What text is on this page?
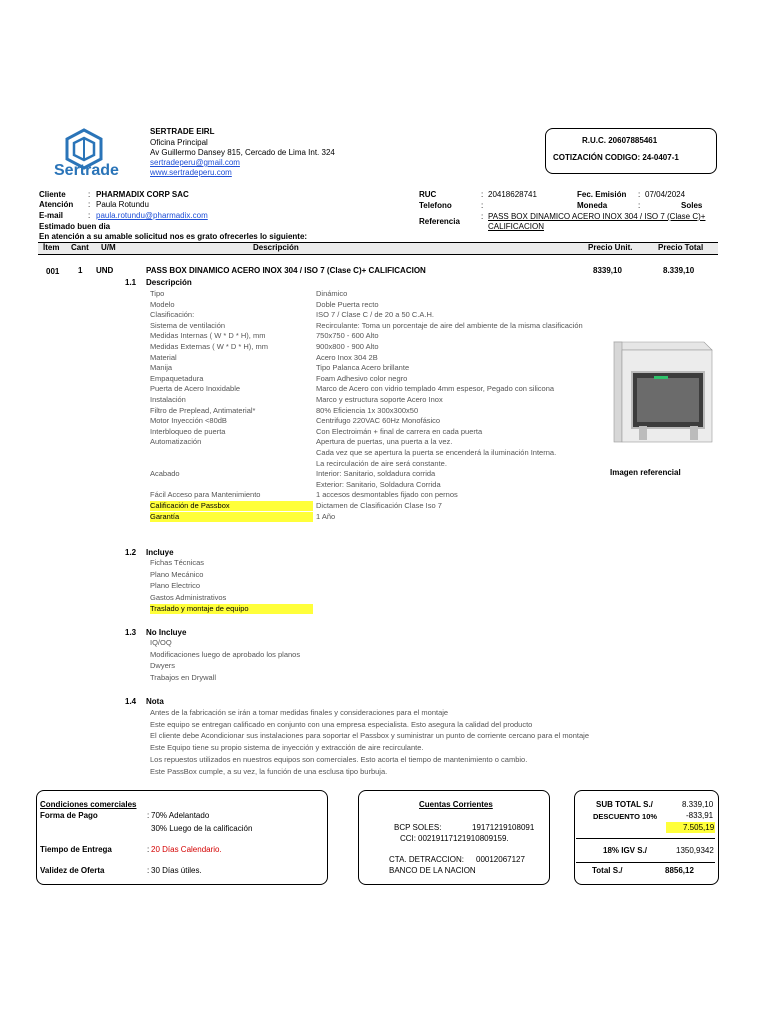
Sertrade
SERTRADE EIRL
Oficina Principal
Av Guillermo Dansey 815, Cercado de Lima Int. 324
sertradeperu@gmail.com
www.sertradeperu.com
R.U.C. 20607885461
COTIZACIÓN CODIGO: 24-0407-1
Cliente	: PHARMADIX CORP SAC
Atención : Paula Rotundu
E-mail	: paula.rotundu@pharmadix.com
Estimado buen dia
En atención a su amable solicitud nos es grato ofrecerles lo siguiente:
RUC	: 20418628741
Telefono	:
Referencia
: PASS BOX DINAMICO ACERO INOX 304 / ISO 7 (Clase C)+
CALIFICACION
Fec. Emisión : 07/04/2024
Moneda	:	Soles
Ítem Cant U/M	Descripción	Precio Unit.	Precio Total
001 1 UND	PASS BOX DINAMICO ACERO INOX 304 / ISO 7 (Clase C)+ CALIFICACION	8339,10	8.339,10
1.1 Descripción
Tipo	Dinámico
Modelo	Doble Puerta recto
Clasificación:	ISO 7 / Clase C / de 20 a 50 C.A.H.
Sistema de ventilación	Recirculante: Toma un porcentaje de aire del ambiente de la misma clasificación
Medidas Internas ( W * D * H), mm	750x750 - 600 Alto
Medidas Externas ( W * D * H), mm	900x800 - 900 Alto
Material	Acero Inox 304 2B
Manija	Tipo Palanca Acero brillante
Empaquetadura	Foam Adhesivo color negro
Puerta de Acero Inoxidable	Marco de Acero con vidrio templado 4mm espesor, Pegado con silicona
Instalación	Marco y estructura soporte Acero Inox
Filtro de Preplead, Antimaterial*	80% Eficiencia 1x 300x300x50
Motor Inyección <80dB	Centrifugo 220VAC 60Hz Monofásico
Interbloqueo de puerta	Con Electroimán + final de carrera en cada puerta
Automatización	Apertura de puertas, una puerta a la vez.
Cada vez que se apertura la puerta se encenderá la iluminación Interna.
La recirculación de aire será constante.
Acabado	Interior: Sanitario, soldadura corrida
Exterior: Sanitario, Soldadura Corrida
Fácil Acceso para Mantenimiento	1 accesos desmontables fijado con pernos
Calificación de Passbox	Dictamen de Clasificación Clase Iso 7
Garantía	1 Año
Imagen referencial
1.2 Incluye
Fichas Técnicas
Plano Mecánico
Plano Electrico
Gastos Administrativos
Traslado y montaje de equipo
1.3 No Incluye
IQ/OQ
Modificaciones luego de aprobado los planos
Dwyers
Trabajos en Drywall
1.4 Nota
Antes de la fabricación se irán a tomar medidas finales y consideraciones para el montaje
Este equipo se entregan calificado en conjunto con una empresa especialista. Esto asegura la calidad del producto
El cliente debe Acondicionar sus instalaciones para soportar el Passbox y suministrar un punto de corriente cercano para el montaje
Este Equipo tiene su propio sistema de inyección y extracción de aire recirculante.
Los repuestos utilizados en nuestros equipos son comerciales. Esto acorta el tiempo de mantenimiento o cambio.
Este PassBox cumple, a su vez, la función de una esclusa tipo burbuja.
Condiciones comerciales
Forma de Pago	: 70% Adelantado
30% Luego de la calificación
Tiempo de Entrega	: 20 Días Calendario.
Validez de Oferta	: 30 Días útiles.
Cuentas Corrientes
BCP SOLES:	19171219108091
CCI: 00219117121910809159.
CTA. DETRACCION: 00012067127
BANCO DE LA NACION
SUB TOTAL S./	8.339,10
DESCUENTO 10%	-833,91
7.505,19
18% IGV S./	1350,9342
Total S./	8856,12
